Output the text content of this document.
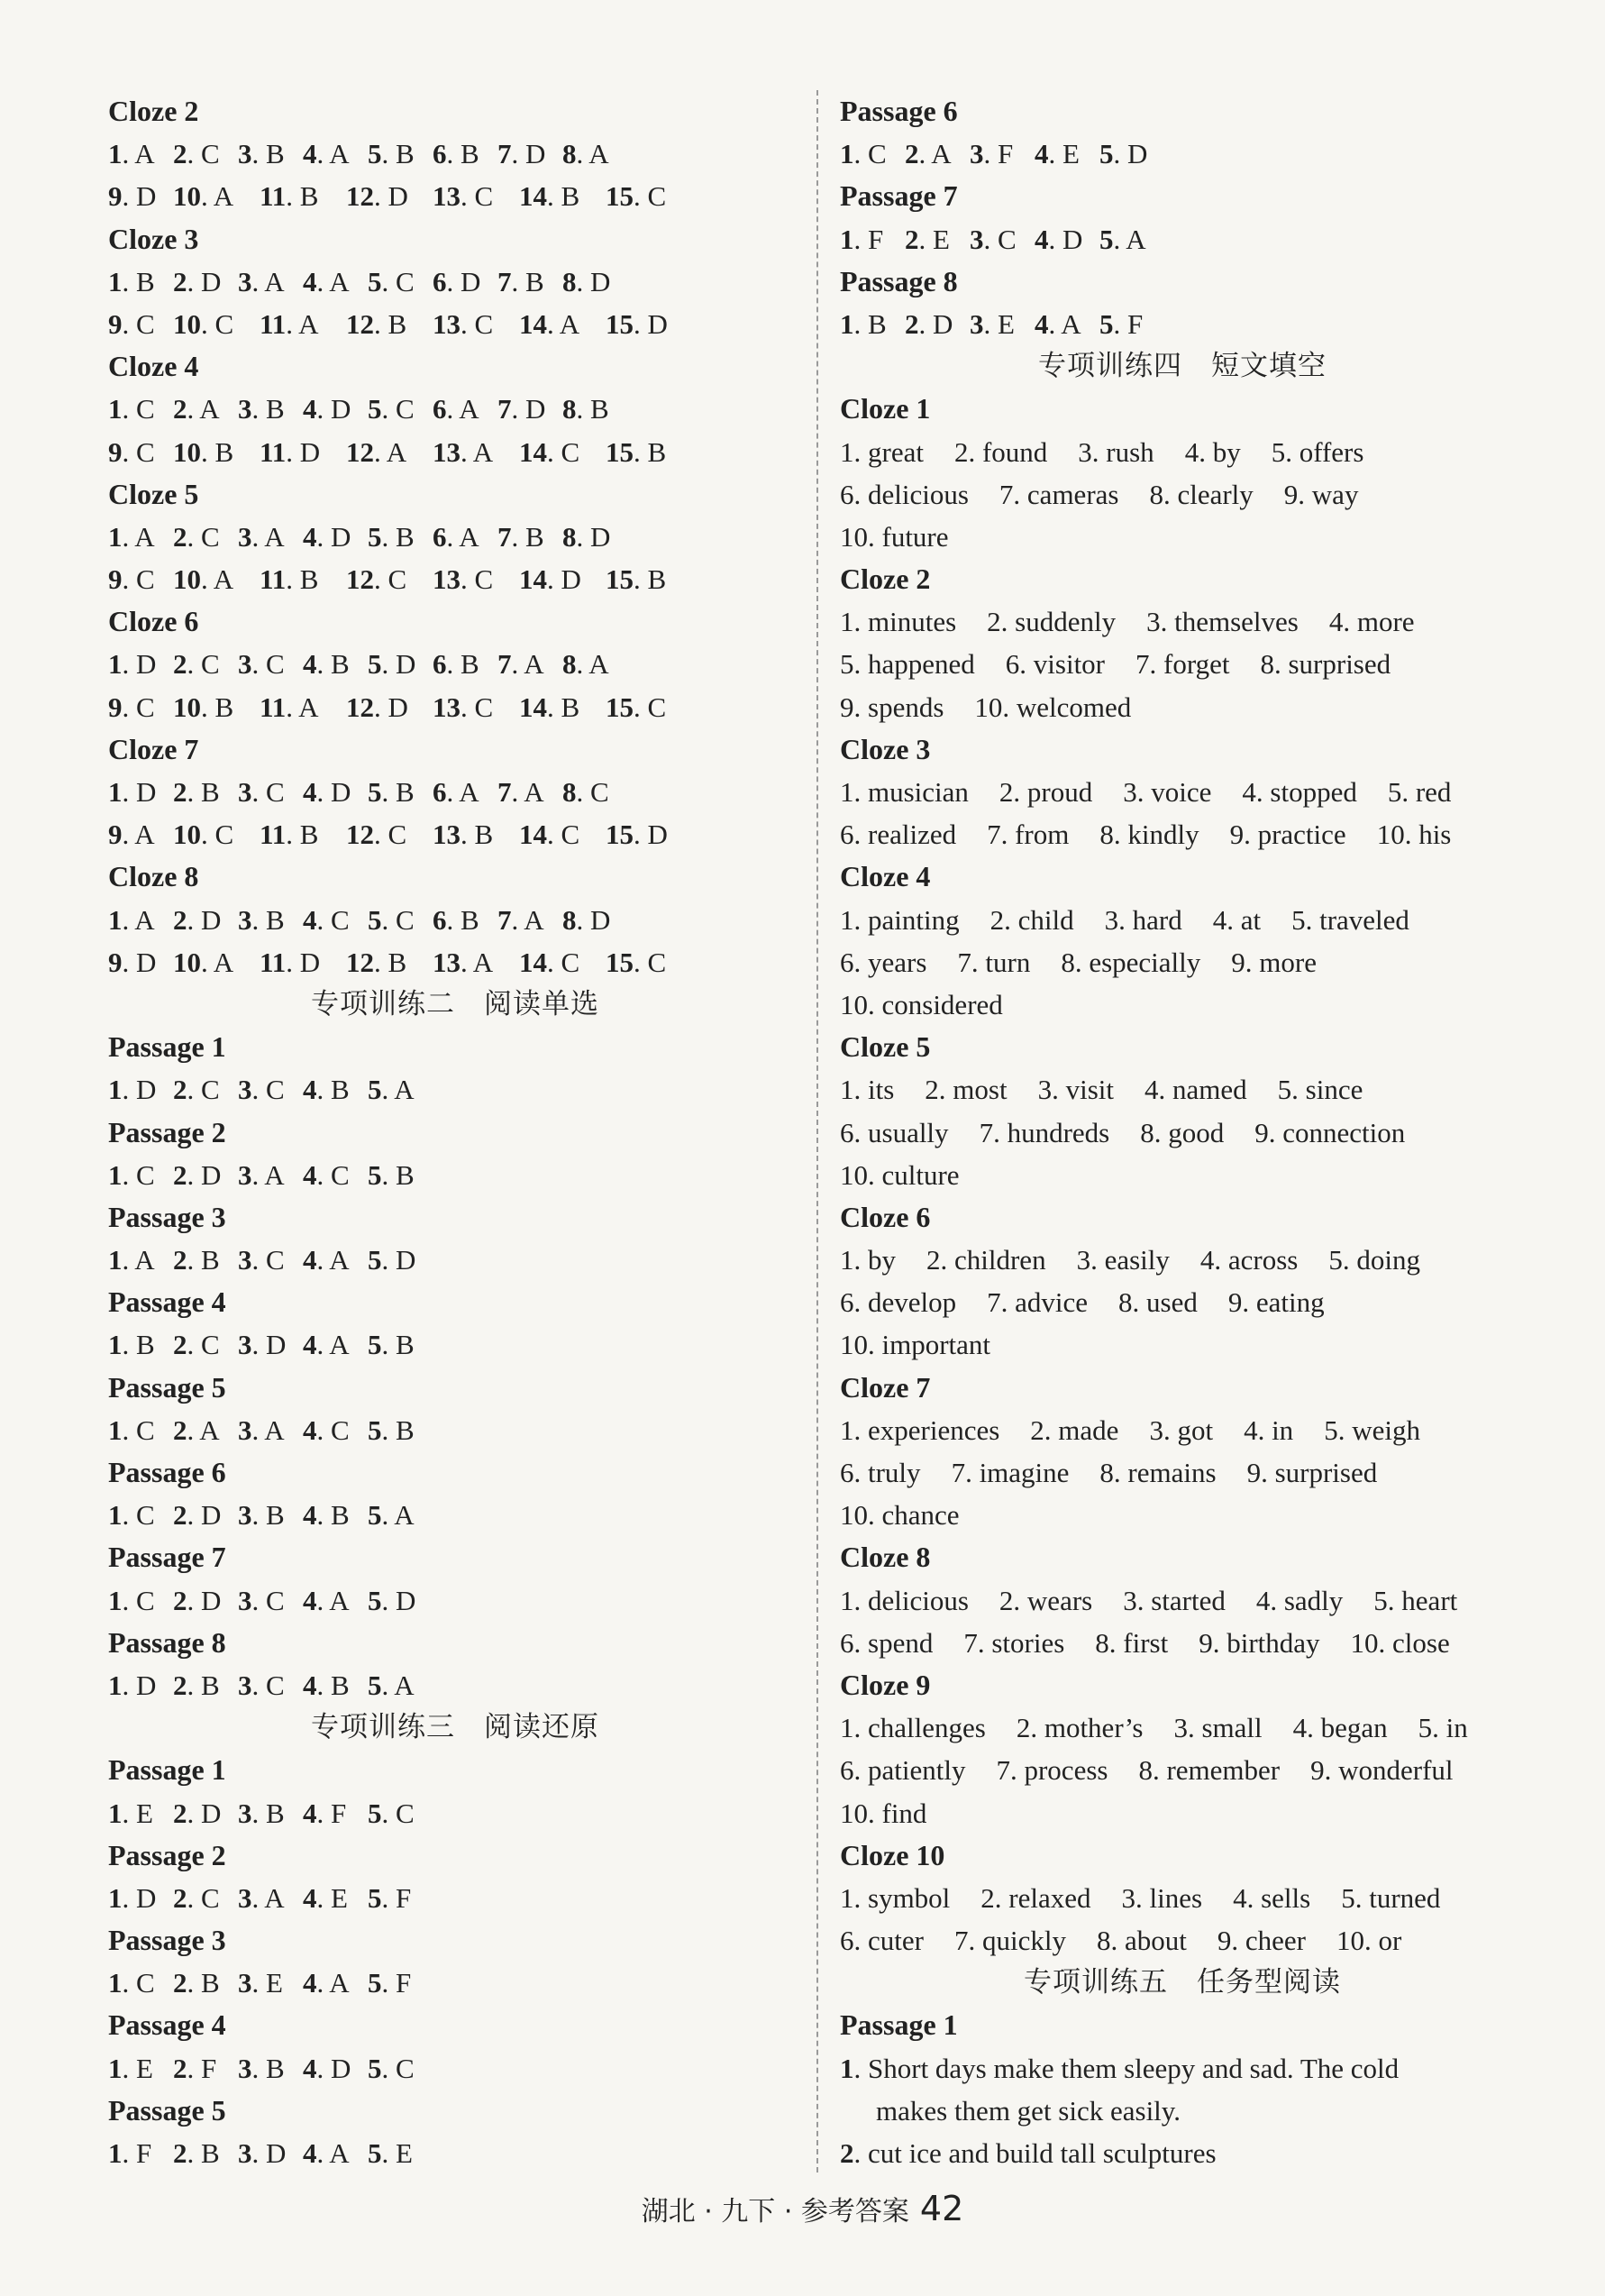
Cloze 2
1. A 2. C 3. B 4. A 5. B 6. B 7. D 8. A
9. D 10. A 11. B 12. D 13. C 14. B 15. C
Cloze 3
1. B 2. D 3. A 4. A 5. C 6. D 7. B 8. D
9. C 10. C 11. A 12. B 13. C 14. A 15. D
Cloze 4
1. C 2. A 3. B 4. D 5. C 6. A 7. D 8. B
9. C 10. B 11. D 12. A 13. A 14. C 15. B
Cloze 5
1. A 2. C 3. A 4. D 5. B 6. A 7. B 8. D
9. C 10. A 11. B 12. C 13. C 14. D 15. B
Cloze 6
1. D 2. C 3. C 4. B 5. D 6. B 7. A 8. A
9. C 10. B 11. A 12. D 13. C 14. B 15. C
Cloze 7
1. D 2. B 3. C 4. D 5. B 6. A 7. A 8. C
9. A 10. C 11. B 12. C 13. B 14. C 15. D
Cloze 8
1. A 2. D 3. B 4. C 5. C 6. B 7. A 8. D
9. D 10. A 11. D 12. B 13. A 14. C 15. C
专项训练二　阅读单选
Passage 1
1. D 2. C 3. C 4. B 5. A
Passage 2
1. C 2. D 3. A 4. C 5. B
Passage 3
1. A 2. B 3. C 4. A 5. D
Passage 4
1. B 2. C 3. D 4. A 5. B
Passage 5
1. C 2. A 3. A 4. C 5. B
Passage 6
1. C 2. D 3. B 4. B 5. A
Passage 7
1. C 2. D 3. C 4. A 5. D
Passage 8
1. D 2. B 3. C 4. B 5. A
专项训练三　阅读还原
Passage 1
1. E 2. D 3. B 4. F 5. C
Passage 2
1. D 2. C 3. A 4. E 5. F
Passage 3
1. C 2. B 3. E 4. A 5. F
Passage 4
1. E 2. F 3. B 4. D 5. C
Passage 5
1. F 2. B 3. D 4. A 5. E
Passage 6
1. C 2. A 3. F 4. E 5. D
Passage 7
1. F 2. E 3. C 4. D 5. A
Passage 8
1. B 2. D 3. E 4. A 5. F
专项训练四　短文填空
Cloze 1
1. great 2. found 3. rush 4. by 5. offers
6. delicious 7. cameras 8. clearly 9. way
10. future
Cloze 2
1. minutes 2. suddenly 3. themselves 4. more
5. happened 6. visitor 7. forget 8. surprised
9. spends 10. welcomed
Cloze 3
1. musician 2. proud 3. voice 4. stopped 5. red
6. realized 7. from 8. kindly 9. practice 10. his
Cloze 4
1. painting 2. child 3. hard 4. at 5. traveled
6. years 7. turn 8. especially 9. more
10. considered
Cloze 5
1. its 2. most 3. visit 4. named 5. since
6. usually 7. hundreds 8. good 9. connection
10. culture
Cloze 6
1. by 2. children 3. easily 4. across 5. doing
6. develop 7. advice 8. used 9. eating
10. important
Cloze 7
1. experiences 2. made 3. got 4. in 5. weigh
6. truly 7. imagine 8. remains 9. surprised
10. chance
Cloze 8
1. delicious 2. wears 3. started 4. sadly 5. heart
6. spend 7. stories 8. first 9. birthday 10. close
Cloze 9
1. challenges 2. mother’s 3. small 4. began 5. in
6. patiently 7. process 8. remember 9. wonderful
10. find
Cloze 10
1. symbol 2. relaxed 3. lines 4. sells 5. turned
6. cuter 7. quickly 8. about 9. cheer 10. or
专项训练五　任务型阅读
Passage 1
1. Short days make them sleepy and sad. The cold
makes them get sick easily.
2. cut ice and build tall sculptures
湖北 · 九下 · 参考答案 42
